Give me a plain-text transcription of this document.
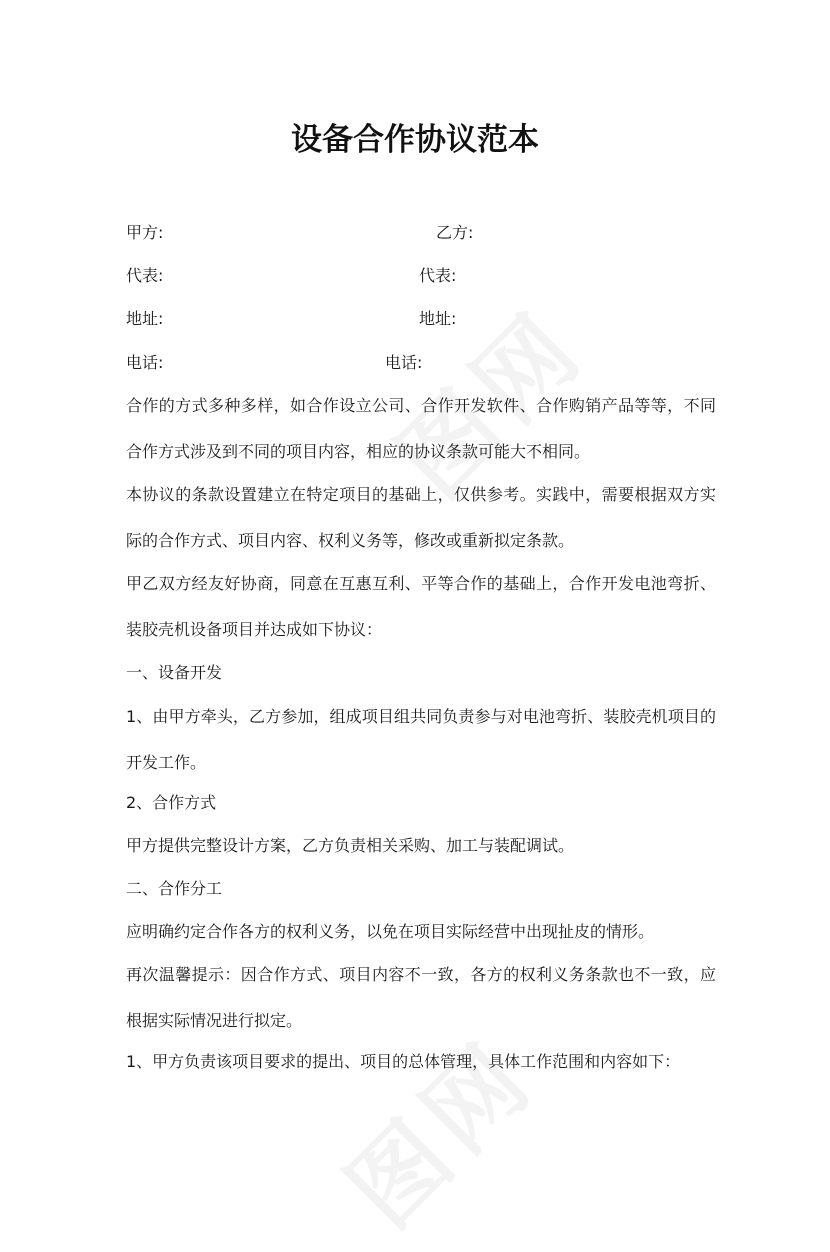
设备合作协议范本
甲方:	乙方:
代表:	代表:
地址:	地址:
电话:	电话:

合作的方式多种多样，如合作设立公司、合作开发软件、合作购销产品等等，不同合作方式涉及到不同的项目内容，相应的协议条款可能大不相同。

本协议的条款设置建立在特定项目的基础上，仅供参考。实践中，需要根据双方实际的合作方式、项目内容、权利义务等，修改或重新拟定条款。

甲乙双方经友好协商，同意在互惠互利、平等合作的基础上，合作开发电池弯折、装胶壳机设备项目并达成如下协议：

一、设备开发

1、由甲方牵头，乙方参加，组成项目组共同负责参与对电池弯折、装胶壳机项目的开发工作。

2、合作方式

甲方提供完整设计方案，乙方负责相关采购、加工与装配调试。

二、合作分工

应明确约定合作各方的权利义务，以免在项目实际经营中出现扯皮的情形。

再次温馨提示：因合作方式、项目内容不一致，各方的权利义务条款也不一致，应根据实际情况进行拟定。

1、甲方负责该项目要求的提出、项目的总体管理，具体工作范围和内容如下：
